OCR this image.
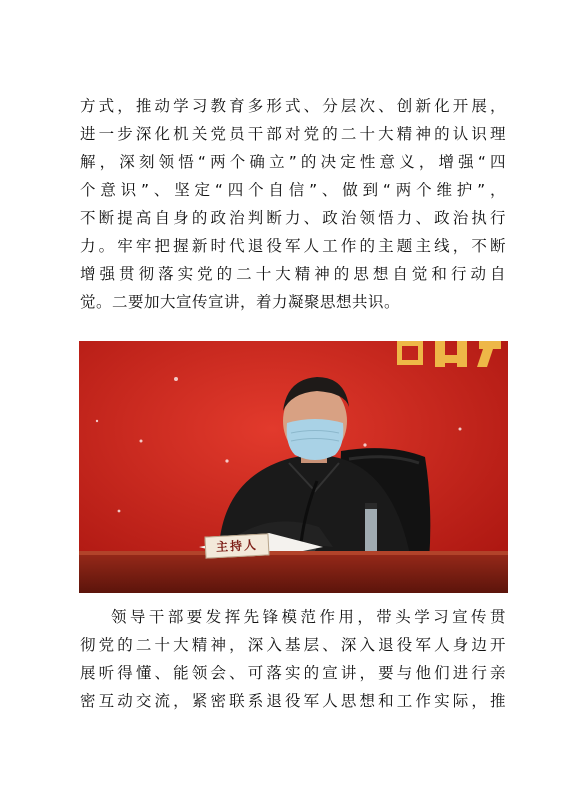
方式，推动学习教育多形式、分层次、创新化开展，
进一步深化机关党员干部对党的二十大精神的认识理
解，深刻领悟“两个确立”的决定性意义，增强“四
个意识”、坚定“四个自信”、做到“两个维护”，
不断提高自身的政治判断力、政治领悟力、政治执行
力。牢牢把握新时代退役军人工作的主题主线，不断
增强贯彻落实党的二十大精神的思想自觉和行动自
觉。二要加大宣传宣讲，着力凝聚思想共识。
主持人
领导干部要发挥先锋模范作用，带头学习宣传贯
彻党的二十大精神，深入基层、深入退役军人身边开
展听得懂、能领会、可落实的宣讲，要与他们进行亲
密互动交流，紧密联系退役军人思想和工作实际，推
